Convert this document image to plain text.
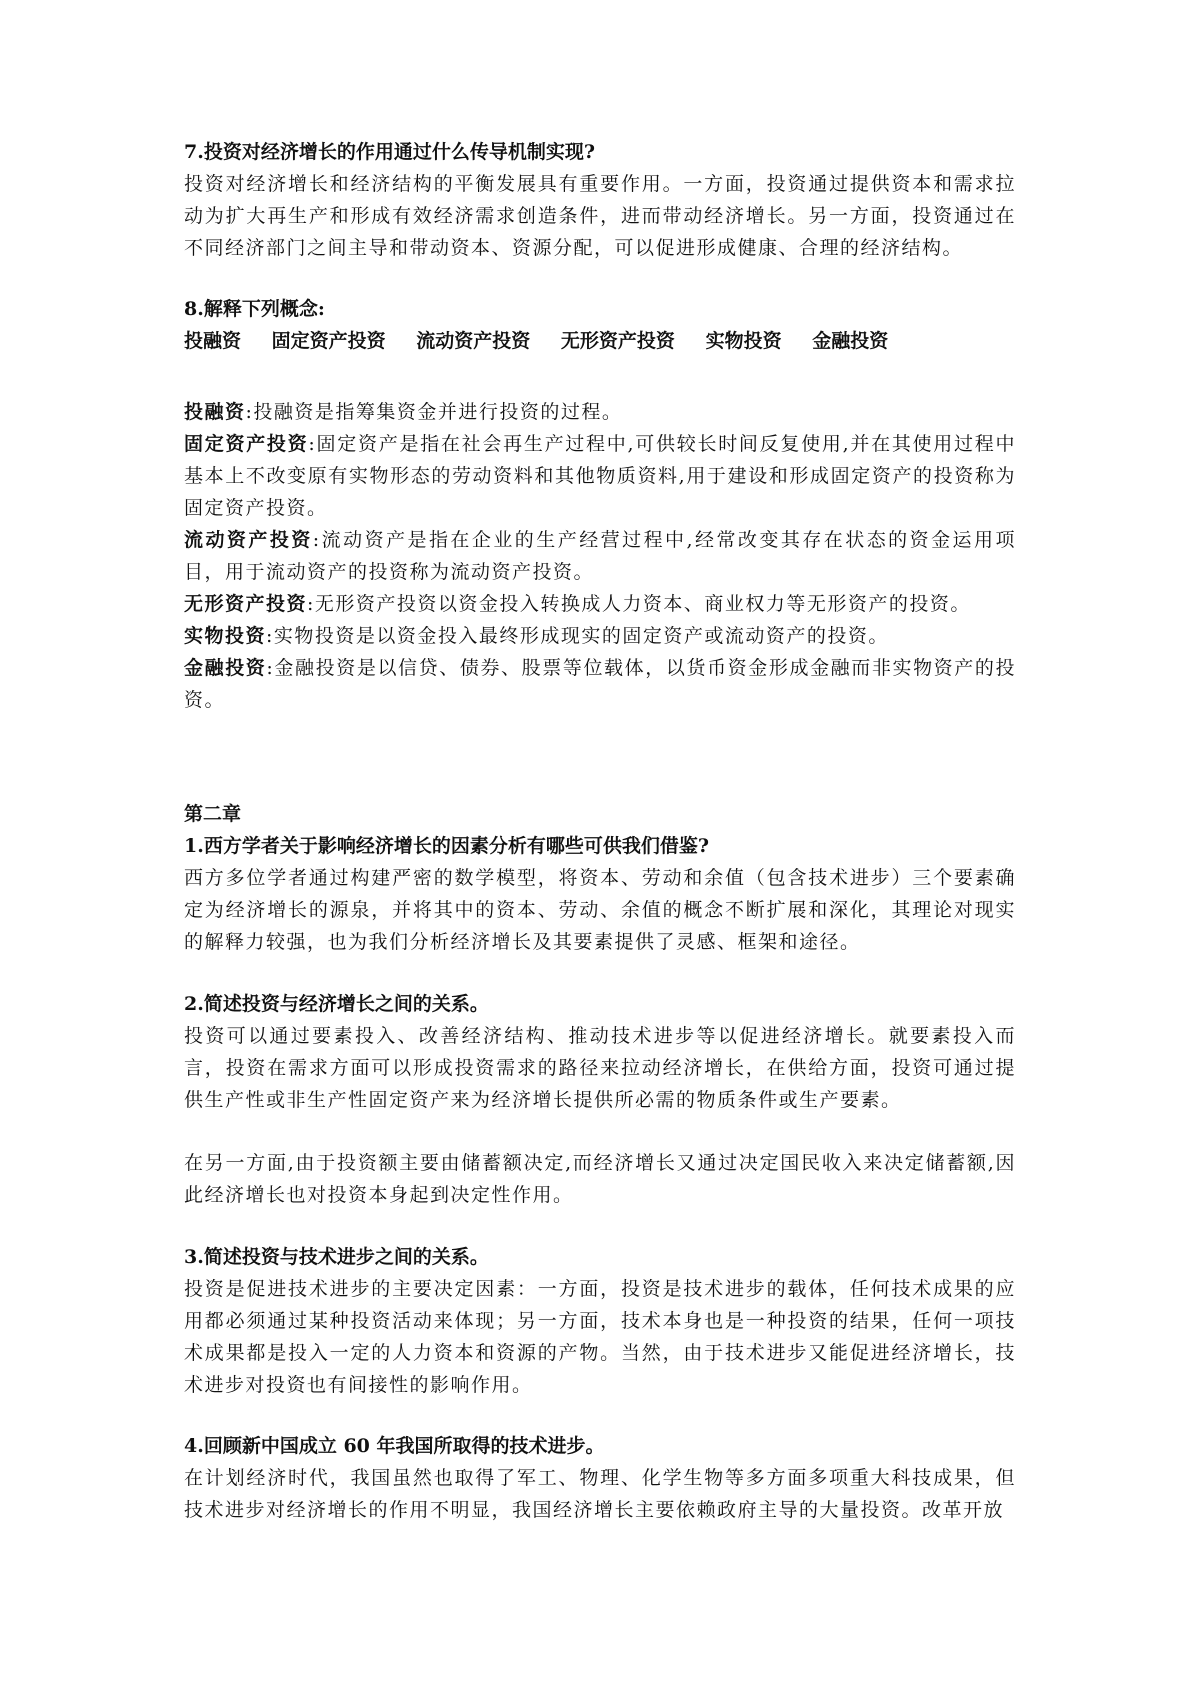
7.投资对经济增长的作用通过什么传导机制实现?

投资对经济增长和经济结构的平衡发展具有重要作用。一方面，投资通过提供资本和需求拉动为扩大再生产和形成有效经济需求创造条件，进而带动经济增长。另一方面，投资通过在不同经济部门之间主导和带动资本、资源分配，可以促进形成健康、合理的经济结构。

8.解释下列概念:
投融资 固定资产投资 流动资产投资 无形资产投资 实物投资 金融投资
投融资:投融资是指筹集资金并进行投资的过程。
固定资产投资:固定资产是指在社会再生产过程中,可供较长时间反复使用,并在其使用过程中基本上不改变原有实物形态的劳动资料和其他物质资料,用于建设和形成固定资产的投资称为固定资产投资。
流动资产投资:流动资产是指在企业的生产经营过程中,经常改变其存在状态的资金运用项目，用于流动资产的投资称为流动资产投资。
无形资产投资:无形资产投资以资金投入转换成人力资本、商业权力等无形资产的投资。
实物投资:实物投资是以资金投入最终形成现实的固定资产或流动资产的投资。
金融投资:金融投资是以信贷、债券、股票等位载体，以货币资金形成金融而非实物资产的投资。
第二章
1.西方学者关于影响经济增长的因素分析有哪些可供我们借鉴?

西方多位学者通过构建严密的数学模型，将资本、劳动和余值（包含技术进步）三个要素确定为经济增长的源泉，并将其中的资本、劳动、余值的概念不断扩展和深化，其理论对现实的解释力较强，也为我们分析经济增长及其要素提供了灵感、框架和途径。

2.简述投资与经济增长之间的关系。

投资可以通过要素投入、改善经济结构、推动技术进步等以促进经济增长。就要素投入而言，投资在需求方面可以形成投资需求的路径来拉动经济增长，在供给方面，投资可通过提供生产性或非生产性固定资产来为经济增长提供所必需的物质条件或生产要素。

在另一方面,由于投资额主要由储蓄额决定,而经济增长又通过决定国民收入来决定储蓄额,因此经济增长也对投资本身起到决定性作用。

3.简述投资与技术进步之间的关系。

投资是促进技术进步的主要决定因素：一方面，投资是技术进步的载体，任何技术成果的应用都必须通过某种投资活动来体现；另一方面，技术本身也是一种投资的结果，任何一项技术成果都是投入一定的人力资本和资源的产物。当然，由于技术进步又能促进经济增长，技术进步对投资也有间接性的影响作用。

4.回顾新中国成立 60 年我国所取得的技术进步。

在计划经济时代，我国虽然也取得了军工、物理、化学生物等多方面多项重大科技成果，但技术进步对经济增长的作用不明显，我国经济增长主要依赖政府主导的大量投资。改革开放
